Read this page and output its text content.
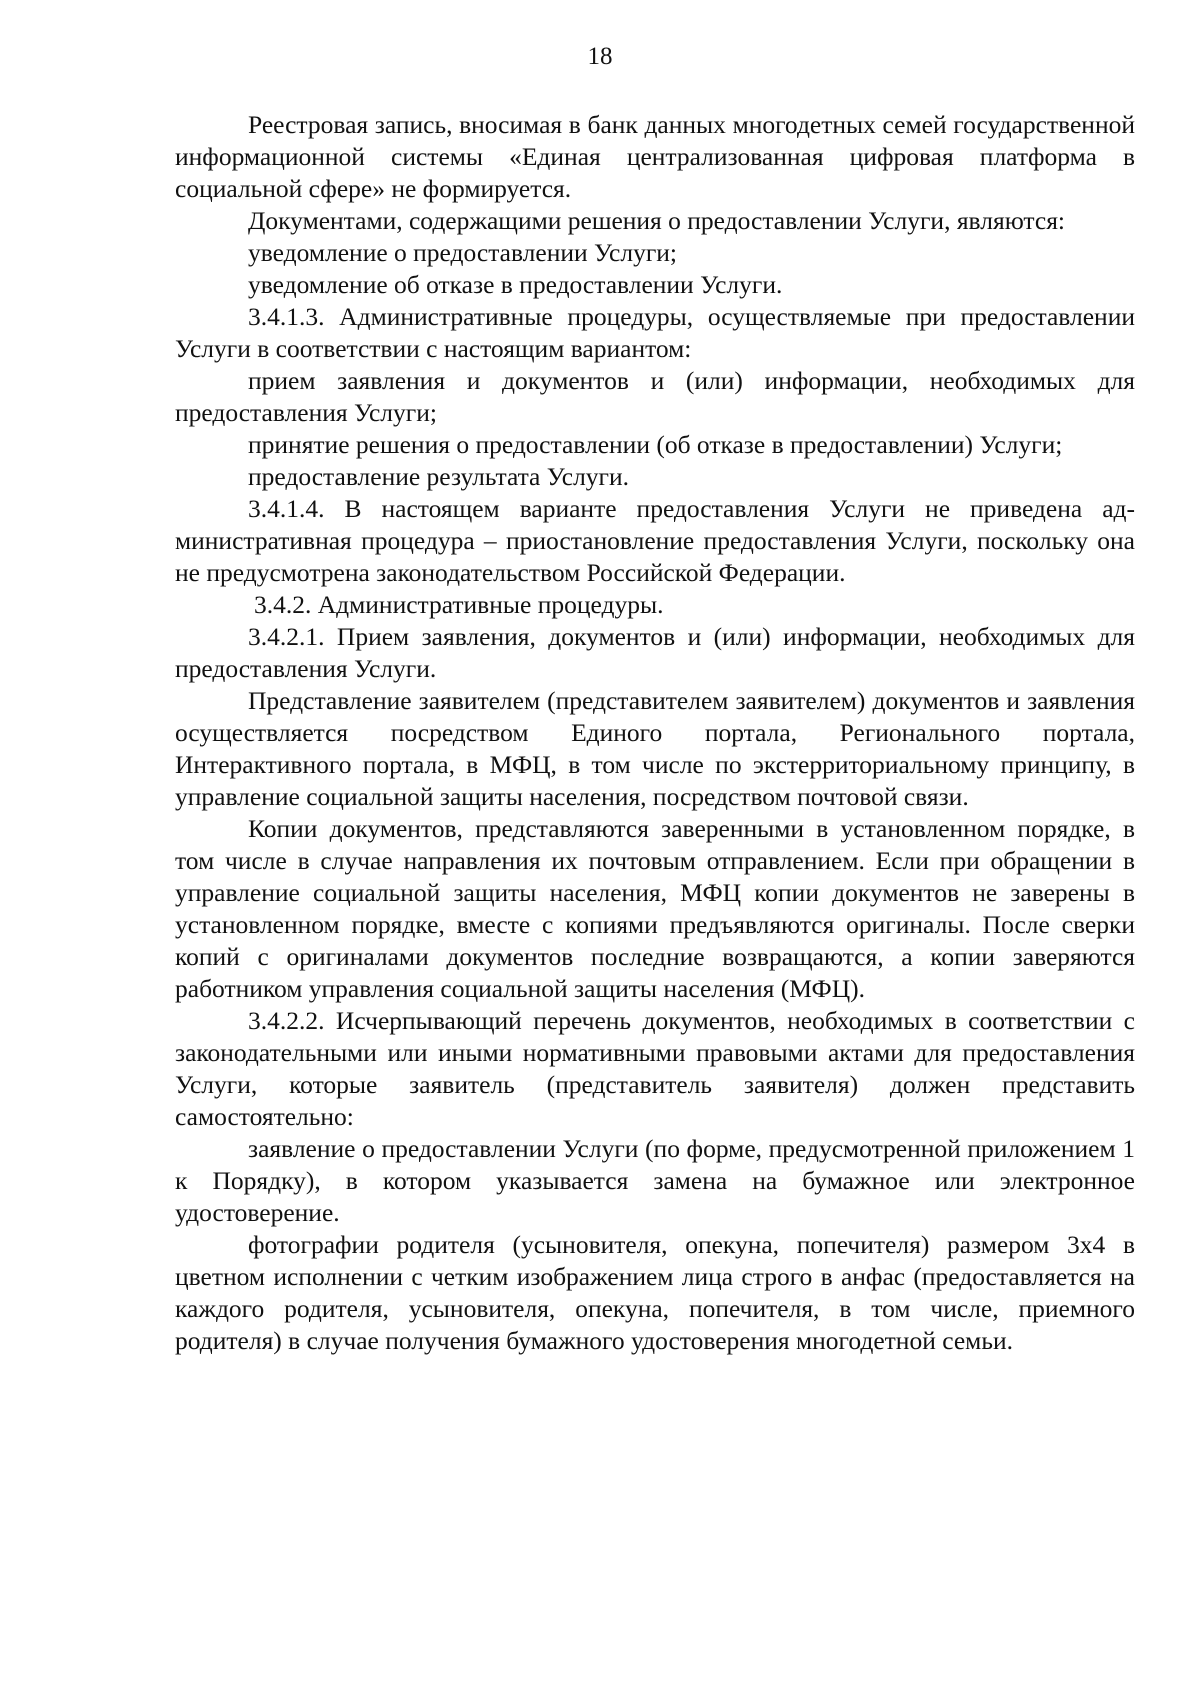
18

Реестровая запись, вносимая в банк данных многодетных семей государственной информационной системы «Единая централизованная цифровая платформа в социальной сфере» не формируется.

Документами, содержащими решения о предоставлении Услуги, являются:

уведомление о предоставлении Услуги;

уведомление об отказе в предоставлении Услуги.

3.4.1.3. Административные процедуры, осуществляемые при предоставлении Услуги в соответствии с настоящим вариантом:

прием заявления и документов и (или) информации, необходимых для предоставления Услуги;

принятие решения о предоставлении (об отказе в предоставлении) Услуги;

предоставление результата Услуги.

3.4.1.4. В настоящем варианте предоставления Услуги не приведена административная процедура – приостановление предоставления Услуги, поскольку она не предусмотрена законодательством Российской Федерации.

3.4.2. Административные процедуры.

3.4.2.1. Прием заявления, документов и (или) информации, необходимых для предоставления Услуги.

Представление заявителем (представителем заявителем) документов и заявления осуществляется посредством Единого портала, Регионального портала, Интерактивного портала, в МФЦ, в том числе по экстерриториальному принципу, в управление социальной защиты населения, посредством почтовой связи.

Копии документов, представляются заверенными в установленном порядке, в том числе в случае направления их почтовым отправлением. Если при обращении в управление социальной защиты населения, МФЦ копии документов не заверены в установленном порядке, вместе с копиями предъявляются оригиналы. После сверки копий с оригиналами документов последние возвращаются, а копии заверяются работником управления социальной защиты населения (МФЦ).

3.4.2.2. Исчерпывающий перечень документов, необходимых в соответствии с законодательными или иными нормативными правовыми актами для предоставления Услуги, которые заявитель (представитель заявителя) должен представить самостоятельно:

заявление о предоставлении Услуги (по форме, предусмотренной приложением 1 к Порядку), в котором указывается замена на бумажное или электронное удостоверение.

фотографии родителя (усыновителя, опекуна, попечителя) размером 3х4 в цветном исполнении с четким изображением лица строго в анфас (предоставляется на каждого родителя, усыновителя, опекуна, попечителя, в том числе, приемного родителя) в случае получения бумажного удостоверения многодетной семьи.
